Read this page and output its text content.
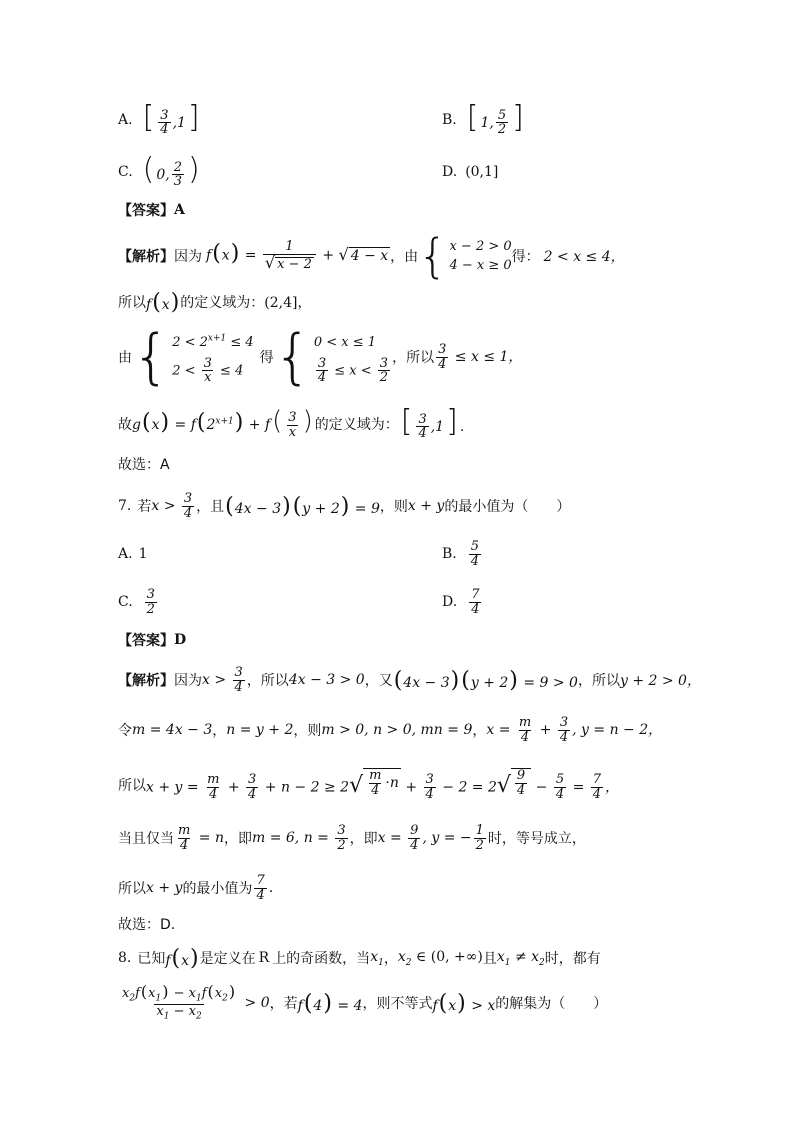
A. [ $\frac{3}{4} ,1$]	B. [ 1, $\frac{5}{2}$ ]
C. ( 0, $\frac{2}{3}$ )	D. (0,1]
【答案】 A
【解析】 因为 $f(x) = \frac{1}{√ x - 2}$ + √ 4 − x ，由 { x − 2 > 0
4 − x ≥ 0
得： 2 < x ≤ 4，
所以 f(x) 的定义域为： (2,4]，
由 { $2 < 2^{x+1} \le 4$
$2 < \frac{3}{x} \le 4$
得 { 0 < x ≤ 1
$\frac{3}{4} \le x < \frac{3}{2}$ ，所以 $\frac{3}{4} \le x \le 1$，
故 $g(x) = f(2^{x+1}) + f( \frac{3}{x}$ ) 的定义域为： [ $\frac{3}{4} ,1$] .
故选：A
7. 若 $x > \frac{3}{4}$ ，且 (4x − 3)(y + 2) = 9 ，则 x + y 的最小值为（　　）
A. 1	B. $\frac{5}{4}$
C. $\frac{3}{2}$	D. $\frac{7}{4}$
【答案】 D
【解析】 因为 $x > \frac{3}{4}$ ，所以 4x − 3 > 0 ，又 (4x − 3)(y + 2) = 9 > 0 ，所以 y + 2 > 0，
令 m = 4x − 3 ， n = y + 2 ，则 m > 0, n > 0, mn = 9 ， $x = \frac{m}{4} + \frac{3}{4}$ , y = n − 2，
所以 $x + y = \frac{m}{4} + \frac{3}{4} + n - 2 \ge 2$ √ $\frac{m}{4} \cdot n + \frac{3}{4} - 2 = 2$ √ $\frac{9}{4} - \frac{5}{4} = \frac{7}{4}$ ，
当且仅当 $\frac{m}{4} = n$ ，即 m = 6, $n = \frac{3}{2}$ ，即 $x = \frac{9}{4}$ , y = − $\frac{1}{2}$ 时，等号成立，
所以 x + y 的最小值为 $\frac{7}{4}$ .
故选：D.
8. 已知 f(x) 是定义在 R 上的奇函数，当 $x_1$ ， $x_2$ ∈ (0, +∞) 且 $x_1 \ne x_2$ 时，都有
$\frac{x_2f(x_1) - x_1f(x_2)}{x_1 - x_2} > 0$ ，若 f(4) = 4 ，则不等式 f(x) > x 的解集为（　　）
